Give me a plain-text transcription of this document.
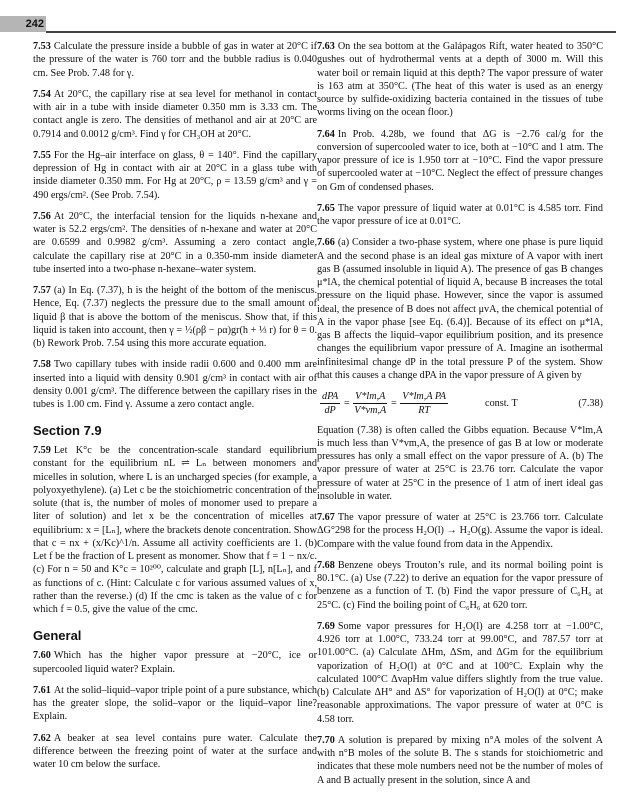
242

7.53 Calculate the pressure inside a bubble of gas in water at 20°C if the pressure of the water is 760 torr and the bubble radius is 0.040 cm. See Prob. 7.48 for γ.

7.54 At 20°C, the capillary rise at sea level for methanol in contact with air in a tube with inside diameter 0.350 mm is 3.33 cm. The contact angle is zero. The densities of methanol and air at 20°C are 0.7914 and 0.0012 g/cm³. Find γ for CH₃OH at 20°C.

7.55 For the Hg–air interface on glass, θ = 140°. Find the capillary depression of Hg in contact with air at 20°C in a glass tube with inside diameter 0.350 mm. For Hg at 20°C, ρ = 13.59 g/cm³ and γ = 490 ergs/cm². (See Prob. 7.54).

7.56 At 20°C, the interfacial tension for the liquids n-hexane and water is 52.2 ergs/cm². The densities of n-hexane and water at 20°C are 0.6599 and 0.9982 g/cm³. Assuming a zero contact angle, calculate the capillary rise at 20°C in a 0.350-mm inside diameter tube inserted into a two-phase n-hexane–water system.

7.57 (a) In Eq. (7.37), h is the height of the bottom of the meniscus. Hence, Eq. (7.37) neglects the pressure due to the small amount of liquid β that is above the bottom of the meniscus. Show that, if this liquid is taken into account, then γ = ½(ρβ − ρα)gr(h + ⅓ r) for θ = 0. (b) Rework Prob. 7.54 using this more accurate equation.

7.58 Two capillary tubes with inside radii 0.600 and 0.400 mm are inserted into a liquid with density 0.901 g/cm³ in contact with air of density 0.001 g/cm³. The difference between the capillary rises in the tubes is 1.00 cm. Find γ. Assume a zero contact angle.

Section 7.9

7.59 Let K°c be the concentration-scale standard equilibrium constant for the equilibrium nL ⇌ Lₙ between monomers and micelles in solution, where L is an uncharged species (for example, a polyoxyethylene). (a) Let c be the stoichiometric concentration of the solute (that is, the number of moles of monomer used to prepare a liter of solution) and let x be the concentration of micelles at equilibrium: x = [Lₙ], where the brackets denote concentration. Show that c = nx + (x/Kc)^1/n. Assume all activity coefficients are 1. (b) Let f be the fraction of L present as monomer. Show that f = 1 − nx/c. (c) For n = 50 and K°c = 10²⁰⁰, calculate and graph [L], n[Lₙ], and f as functions of c. (Hint: Calculate c for various assumed values of x, rather than the reverse.) (d) If the cmc is taken as the value of c for which f = 0.5, give the value of the cmc.

General

7.60 Which has the higher vapor pressure at −20°C, ice or supercooled liquid water? Explain.

7.61 At the solid–liquid–vapor triple point of a pure substance, which has the greater slope, the solid–vapor or the liquid–vapor line? Explain.

7.62 A beaker at sea level contains pure water. Calculate the difference between the freezing point of water at the surface and water 10 cm below the surface.

7.63 On the sea bottom at the Galápagos Rift, water heated to 350°C gushes out of hydrothermal vents at a depth of 3000 m. Will this water boil or remain liquid at this depth? The vapor pressure of water is 163 atm at 350°C. (The heat of this water is used as an energy source by sulfide-oxidizing bacteria contained in the tissues of tube worms living on the ocean floor.)

7.64 In Prob. 4.28b, we found that ΔG is −2.76 cal/g for the conversion of supercooled water to ice, both at −10°C and 1 atm. The vapor pressure of ice is 1.950 torr at −10°C. Find the vapor pressure of supercooled water at −10°C. Neglect the effect of pressure changes on Gm of condensed phases.

7.65 The vapor pressure of liquid water at 0.01°C is 4.585 torr. Find the vapor pressure of ice at 0.01°C.

7.66 (a) Consider a two-phase system, where one phase is pure liquid A and the second phase is an ideal gas mixture of A vapor with inert gas B (assumed insoluble in liquid A). The presence of gas B changes μ*lA, the chemical potential of liquid A, because B increases the total pressure on the liquid phase. However, since the vapor is assumed ideal, the presence of B does not affect μvA, the chemical potential of A in the vapor phase [see Eq. (6.4)]. Because of its effect on μ*lA, gas B affects the liquid–vapor equilibrium position, and its presence changes the equilibrium vapor pressure of A. Imagine an isothermal infinitesimal change dP in the total pressure P of the system. Show that this causes a change dPA in the vapor pressure of A given by

$\frac{\text{dPA}}{dP} = \frac{V*lm,A}{V*vm,A} = \frac{\text{V*lm,A PA}}{RT}$	const. T	(7.38)

Equation (7.38) is often called the Gibbs equation. Because V*lm,A is much less than V*vm,A, the presence of gas B at low or moderate pressures has only a small effect on the vapor pressure of A. (b) The vapor pressure of water at 25°C is 23.76 torr. Calculate the vapor pressure of water at 25°C in the presence of 1 atm of inert ideal gas insoluble in water.

7.67 The vapor pressure of water at 25°C is 23.766 torr. Calculate ΔG°298 for the process H₂O(l) → H₂O(g). Assume the vapor is ideal. Compare with the value found from data in the Appendix.

7.68 Benzene obeys Trouton’s rule, and its normal boiling point is 80.1°C. (a) Use (7.22) to derive an equation for the vapor pressure of benzene as a function of T. (b) Find the vapor pressure of C₆H₆ at 25°C. (c) Find the boiling point of C₆H₆ at 620 torr.

7.69 Some vapor pressures for H₂O(l) are 4.258 torr at −1.00°C, 4.926 torr at 1.00°C, 733.24 torr at 99.00°C, and 787.57 torr at 101.00°C. (a) Calculate ΔHm, ΔSm, and ΔGm for the equilibrium vaporization of H₂O(l) at 0°C and at 100°C. Explain why the calculated 100°C ΔvapHm value differs slightly from the true value. (b) Calculate ΔH° and ΔS° for vaporization of H₂O(l) at 0°C; make reasonable approximations. The vapor pressure of water at 0°C is 4.58 torr.

7.70 A solution is prepared by mixing n°A moles of the solvent A with n°B moles of the solute B. The s stands for stoichiometric and indicates that these mole numbers need not be the number of moles of A and B actually present in the solution, since A and
